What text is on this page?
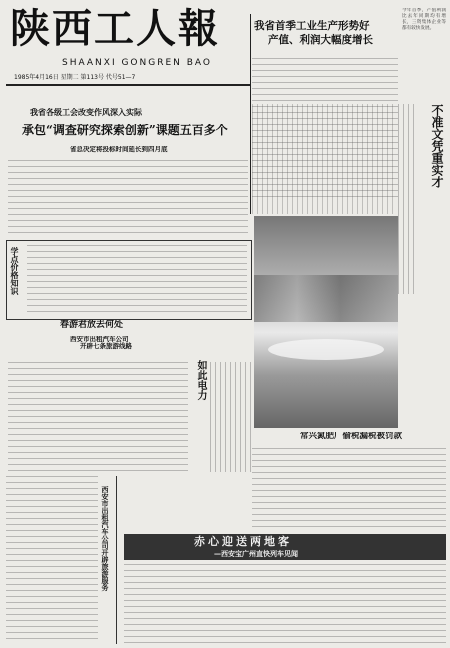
陕西工人報
SHAANXI GONGREN BAO
1985年4月16日 星期二 第113号 代号51—7
我省首季工业生产形势好
产值、利润大幅度增长
今年首季，产值利润比去年同期均有增长，三资集体企业等都有较快发展。
我省各级工会改变作风深入实际
承包“调查研究探索创新”课题五百多个
省总决定将投标时间延长到四月底	不准文凭重实才
学点价格知识
春游君放去何处
西安市出租汽车公司
开辟七条旅游线路
如此电力
常兴氮肥厂偷税漏税被罚款
西安市出租汽车公司开辟旅游服务	赤心迎送两地客
—西安宝广州直快列车见闻
